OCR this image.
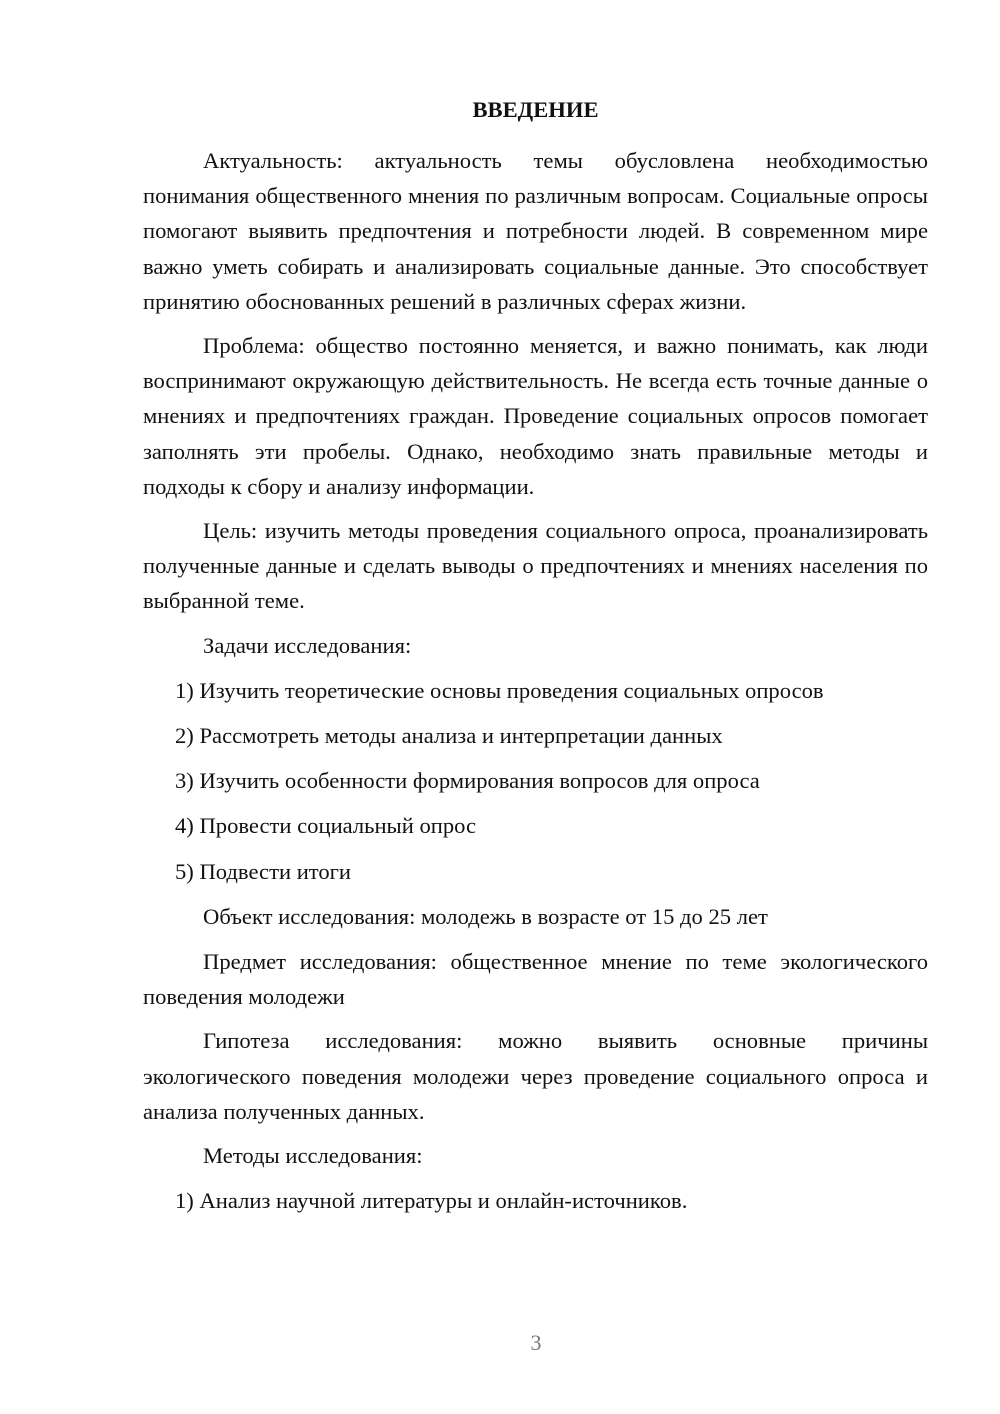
ВВЕДЕНИЕ

Актуальность: актуальность темы обусловлена необходимостью понимания общественного мнения по различным вопросам. Социальные опросы помогают выявить предпочтения и потребности людей. В современном мире важно уметь собирать и анализировать социальные данные. Это способствует принятию обоснованных решений в различных сферах жизни.

Проблема: общество постоянно меняется, и важно понимать, как люди воспринимают окружающую действительность. Не всегда есть точные данные о мнениях и предпочтениях граждан. Проведение социальных опросов помогает заполнять эти пробелы. Однако, необходимо знать правильные методы и подходы к сбору и анализу информации.

Цель: изучить методы проведения социального опроса, проанализировать полученные данные и сделать выводы о предпочтениях и мнениях населения по выбранной теме.

Задачи исследования:

1) Изучить теоретические основы проведения социальных опросов

2) Рассмотреть методы анализа и интерпретации данных

3) Изучить особенности формирования вопросов для опроса

4) Провести социальный опрос

5) Подвести итоги

Объект исследования: молодежь в возрасте от 15 до 25 лет

Предмет исследования: общественное мнение по теме экологического поведения молодежи

Гипотеза исследования: можно выявить основные причины экологического поведения молодежи через проведение социального опроса и анализа полученных данных.

Методы исследования:

1) Анализ научной литературы и онлайн-источников.

3
